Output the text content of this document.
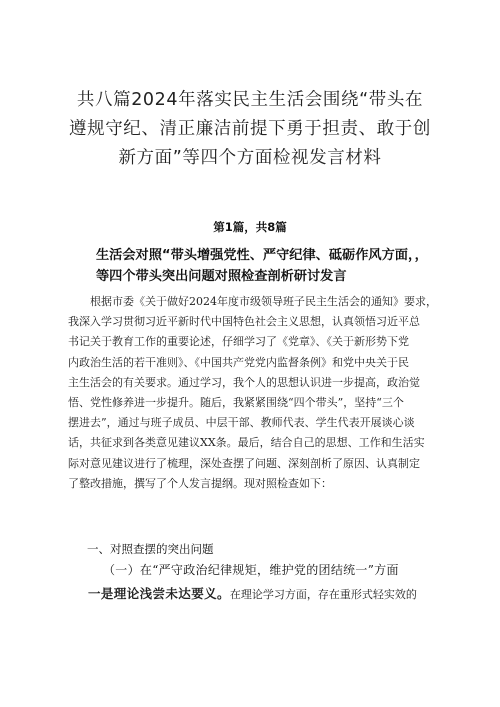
共八篇2024年落实民主生活会围绕“带头在
遵规守纪、清正廉洁前提下勇于担责、敢于创
新方面”等四个方面检视发言材料
第1篇，共8篇
生活会对照“带头增强党性、严守纪律、砥砺作风方面，，
等四个带头突出问题对照检查剖析研讨发言
根据市委《关于做好2024年度市级领导班子民主生活会的通知》要求，
我深入学习贯彻习近平新时代中国特色社会主义思想，认真领悟习近平总
书记关于教育工作的重要论述，仔细学习了《党章》、《关于新形势下党
内政治生活的若干准则》、《中国共产党党内监督条例》和党中央关于民
主生活会的有关要求。通过学习，我个人的思想认识进一步提高，政治觉
悟、党性修养进一步提升。随后，我紧紧围绕“四个带头”，坚持“三个
摆进去”，通过与班子成员、中层干部、教师代表、学生代表开展谈心谈
话，共征求到各类意见建议XX条。最后，结合自己的思想、工作和生活实
际对意见建议进行了梳理，深处查摆了问题、深刻剖析了原因、认真制定
了整改措施，撰写了个人发言提纲。现对照检查如下：
一、对照查摆的突出问题
（一）在“严守政治纪律规矩，维护党的团结统一”方面
一是理论浅尝未达要义。在理论学习方面，存在重形式轻实效的
